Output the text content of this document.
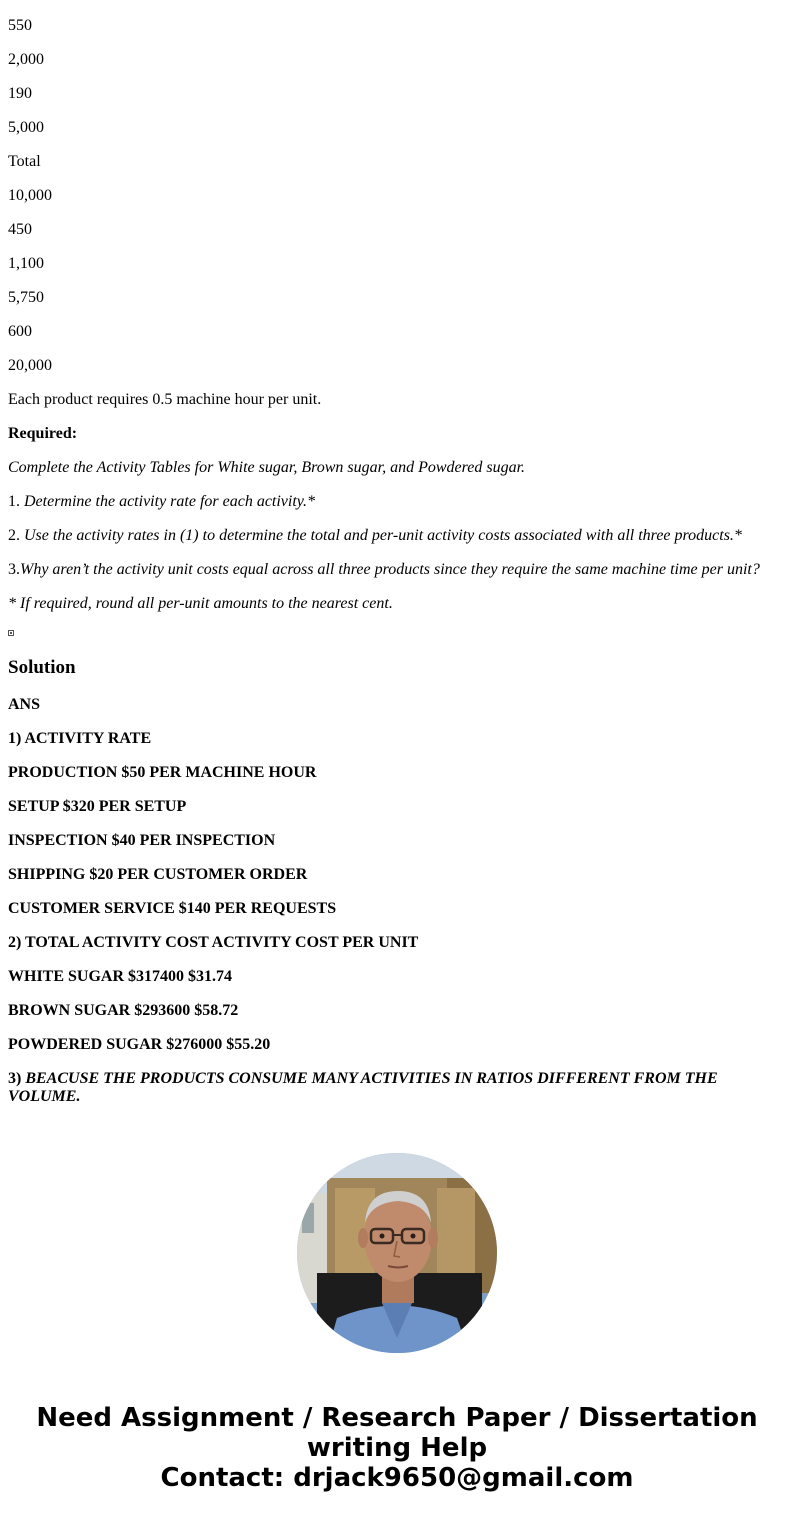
550

2,000

190

5,000

Total

10,000

450

1,100

5,750

600

20,000

Each product requires 0.5 machine hour per unit.

Required:

Complete the Activity Tables for White sugar, Brown sugar, and Powdered sugar.

1. Determine the activity rate for each activity.*

2. Use the activity rates in (1) to determine the total and per-unit activity costs associated with all three products.*

3.Why aren’t the activity unit costs equal across all three products since they require the same machine time per unit?

* If required, round all per-unit amounts to the nearest cent.

Solution

ANS

1) ACTIVITY RATE

PRODUCTION $50 PER MACHINE HOUR

SETUP $320 PER SETUP

INSPECTION $40 PER INSPECTION

SHIPPING $20 PER CUSTOMER ORDER

CUSTOMER SERVICE $140 PER REQUESTS

2) TOTAL ACTIVITY COST ACTIVITY COST PER UNIT

WHITE SUGAR $317400 $31.74

BROWN SUGAR $293600 $58.72

POWDERED SUGAR $276000 $55.20

3) BEACUSE THE PRODUCTS CONSUME MANY ACTIVITIES IN RATIOS DIFFERENT FROM THE VOLUME.

Need Assignment / Research Paper / Dissertation
writing Help
Contact: drjack9650@gmail.com
